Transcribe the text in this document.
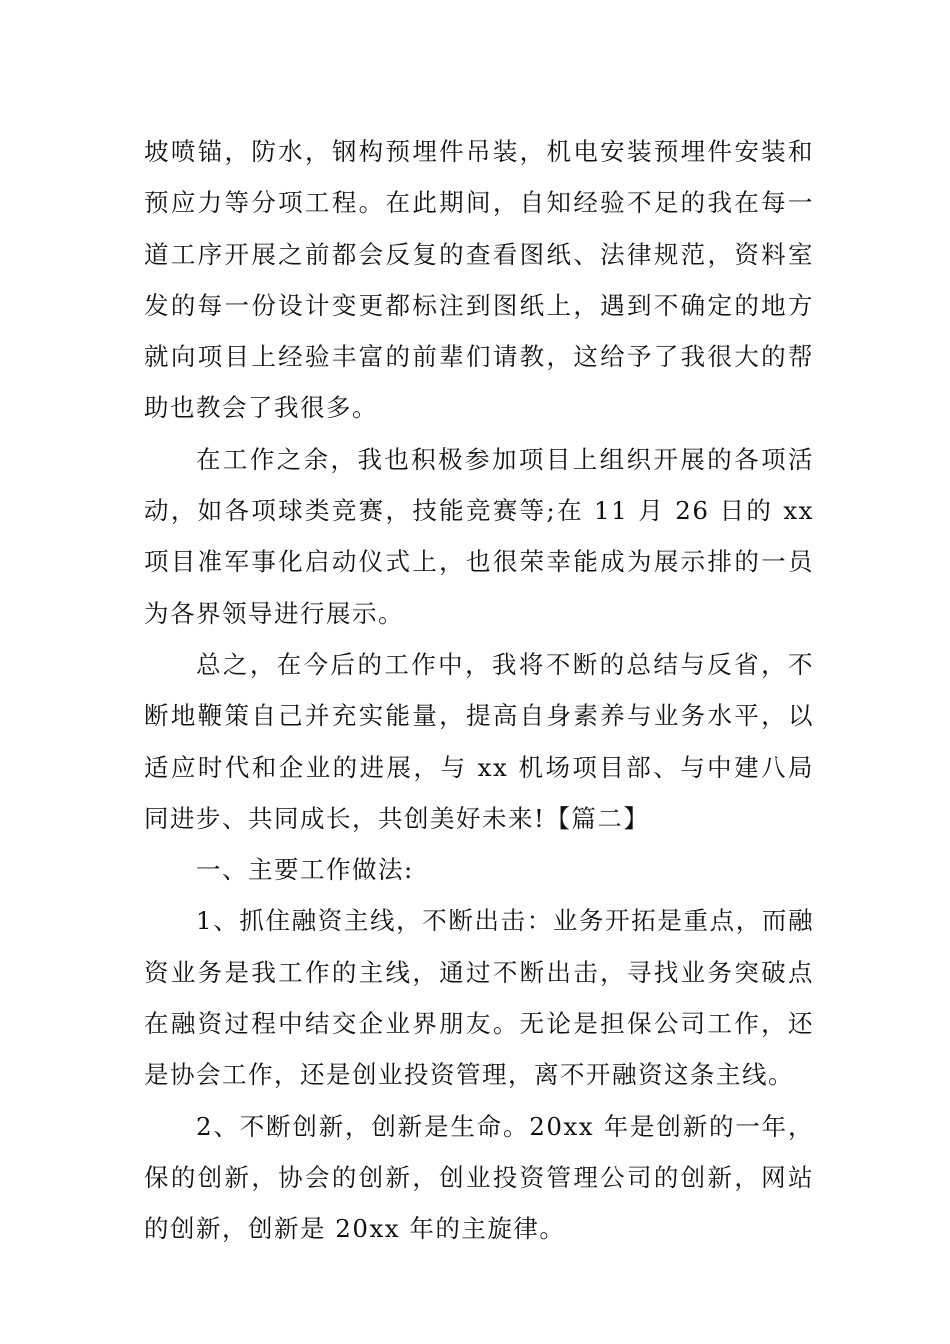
坡喷锚，防水，钢构预埋件吊装，机电安装预埋件安装和
预应力等分项工程。在此期间，自知经验不足的我在每一
道工序开展之前都会反复的查看图纸、法律规范，资料室
发的每一份设计变更都标注到图纸上，遇到不确定的地方
就向项目上经验丰富的前辈们请教，这给予了我很大的帮
助也教会了我很多。
在工作之余，我也积极参加项目上组织开展的各项活
动，如各项球类竞赛，技能竞赛等;在 11 月 26 日的 xx
项目准军事化启动仪式上，也很荣幸能成为展示排的一员
为各界领导进行展示。
总之，在今后的工作中，我将不断的总结与反省，不
断地鞭策自己并充实能量，提高自身素养与业务水平，以
适应时代和企业的进展，与 xx 机场项目部、与中建八局
同进步、共同成长，共创美好未来!【篇二】
一、主要工作做法:
1、抓住融资主线，不断出击：业务开拓是重点，而融
资业务是我工作的主线，通过不断出击，寻找业务突破点
在融资过程中结交企业界朋友。无论是担保公司工作，还
是协会工作，还是创业投资管理，离不开融资这条主线。
2、不断创新，创新是生命。20xx 年是创新的一年，
保的创新，协会的创新，创业投资管理公司的创新，网站
的创新，创新是 20xx 年的主旋律。
